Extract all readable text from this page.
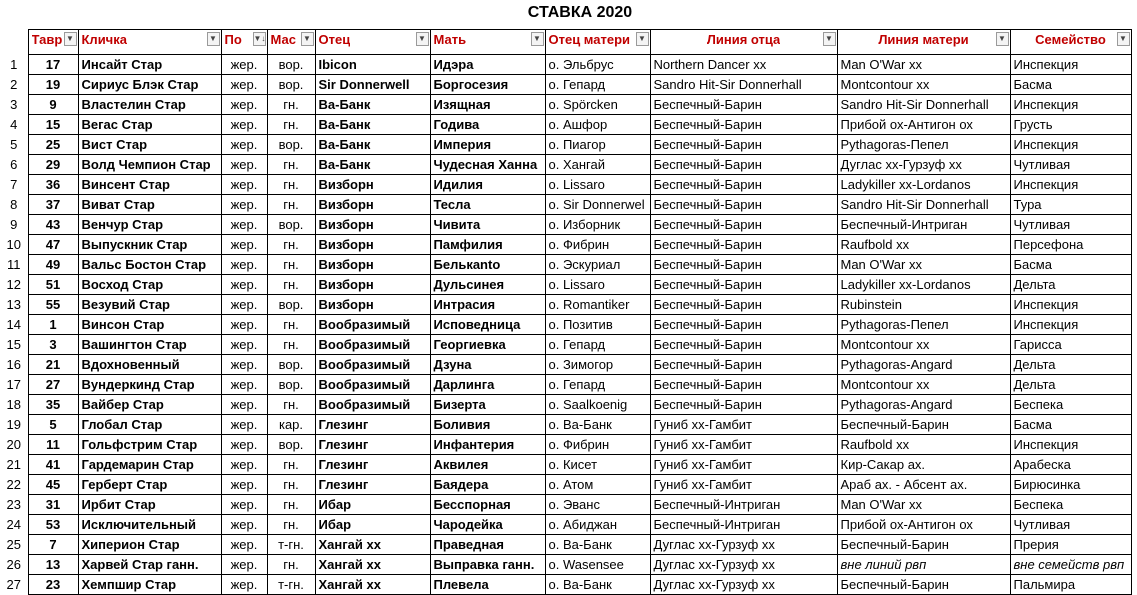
СТАВКА 2020
	Тавр ▼	Кличка ▼	По ▼↓	Мас ▼	Отец ▼	Мать ▼	Отец матери ▼	Линия отца ▼	Линия матери ▼	Семейство ▼

1	17	Инсайт Стар	жер.	вор.	Ibicon	Идэра	о. Эльбрус	Northern Dancer xx	Man O'War xx	Инспекция
2	19	Сириус Блэк Стар	жер.	вор.	Sir Donnerwell	Боргосезия	о. Гепард	Sandro Hit-Sir Donnerhall	Montcontour xx	Басма
3	9	Властелин Стар	жер.	гн.	Ва-Банк	Изящная	о. Spörcken	Беспечный-Барин	Sandro Hit-Sir Donnerhall	Инспекция
4	15	Вегас Стар	жер.	гн.	Ва-Банк	Годива	о. Ашфор	Беспечный-Барин	Прибой ох-Антигон ох	Грусть
5	25	Вист Стар	жер.	вор.	Ва-Банк	Империя	о. Пиагор	Беспечный-Барин	Pythagoras-Пепел	Инспекция
6	29	Волд Чемпион Стар	жер.	гн.	Ва-Банк	Чудесная Ханна	о. Хангай	Беспечный-Барин	Дуглас хх-Гурзуф хх	Чутливая
7	36	Винсент Стар	жер.	гн.	Визборн	Идилия	о. Lissaro	Беспечный-Барин	Ladykiller xx-Lordanos	Инспекция
8	37	Виват Стар	жер.	гн.	Визборн	Тесла	о. Sir Donnerwel	Беспечный-Барин	Sandro Hit-Sir Donnerhall	Тура
9	43	Венчур Стар	жер.	вор.	Визборн	Чивита	о. Изборник	Беспечный-Барин	Беспечный-Интриган	Чутливая
10	47	Выпускник Стар	жер.	гн.	Визборн	Памфилия	о. Фибрин	Беспечный-Барин	Raufbold xx	Персефона
11	49	Вальс Бостон Стар	жер.	гн.	Визборн	Белькanto	о. Эскуриал	Беспечный-Барин	Man O'War xx	Басма
12	51	Восход Стар	жер.	гн.	Визборн	Дульсинея	о. Lissaro	Беспечный-Барин	Ladykiller xx-Lordanos	Дельта
13	55	Везувий Стар	жер.	вор.	Визборн	Интрасия	о. Romantiker	Беспечный-Барин	Rubinstein	Инспекция
14	1	Винсон Стар	жер.	гн.	Вообразимый	Исповедница	о. Позитив	Беспечный-Барин	Pythagoras-Пепел	Инспекция
15	3	Вашингтон Стар	жер.	гн.	Вообразимый	Георгиевка	о. Гепард	Беспечный-Барин	Montcontour xx	Гарисса
16	21	Вдохновенный	жер.	вор.	Вообразимый	Дзуна	о. Зимогор	Беспечный-Барин	Pythagoras-Angard	Дельта
17	27	Вундеркинд Стар	жер.	вор.	Вообразимый	Дарлинга	о. Гепард	Беспечный-Барин	Montcontour xx	Дельта
18	35	Вайбер Стар	жер.	гн.	Вообразимый	Бизерта	о. Saalkoenig	Беспечный-Барин	Pythagoras-Angard	Беспека
19	5	Глобал Стар	жер.	кар.	Глезинг	Боливия	о. Ва-Банк	Гуниб хх-Гамбит	Беспечный-Барин	Басма
20	11	Гольфстрим Стар	жер.	вор.	Глезинг	Инфантерия	о. Фибрин	Гуниб хх-Гамбит	Raufbold xx	Инспекция
21	41	Гардемарин Стар	жер.	гн.	Глезинг	Аквилея	о. Кисет	Гуниб хх-Гамбит	Кир-Сакар ах.	Арабеска
22	45	Герберт Стар	жер.	гн.	Глезинг	Баядера	о. Атом	Гуниб хх-Гамбит	Араб ах. - Абсент ах.	Бирюсинка
23	31	Ирбит Стар	жер.	гн.	Ибар	Бесспорная	о. Эванс	Беспечный-Интриган	Man O'War xx	Беспека
24	53	Исключительный	жер.	гн.	Ибар	Чародейка	о. Абиджан	Беспечный-Интриган	Прибой ох-Антигон ох	Чутливая
25	7	Хиперион Стар	жер.	т-гн.	Хангай хх	Праведная	о. Ва-Банк	Дуглас хх-Гурзуф хх	Беспечный-Барин	Прерия
26	13	Харвей Стар ганн.	жер.	гн.	Хангай хх	Выправка ганн.	о. Wasensee	Дуглас хх-Гурзуф хх	вне линий рвп	вне семейств рвп
27	23	Хемпшир Стар	жер.	т-гн.	Хангай хх	Плевела	о. Ва-Банк	Дуглас хх-Гурзуф хх	Беспечный-Барин	Пальмира
